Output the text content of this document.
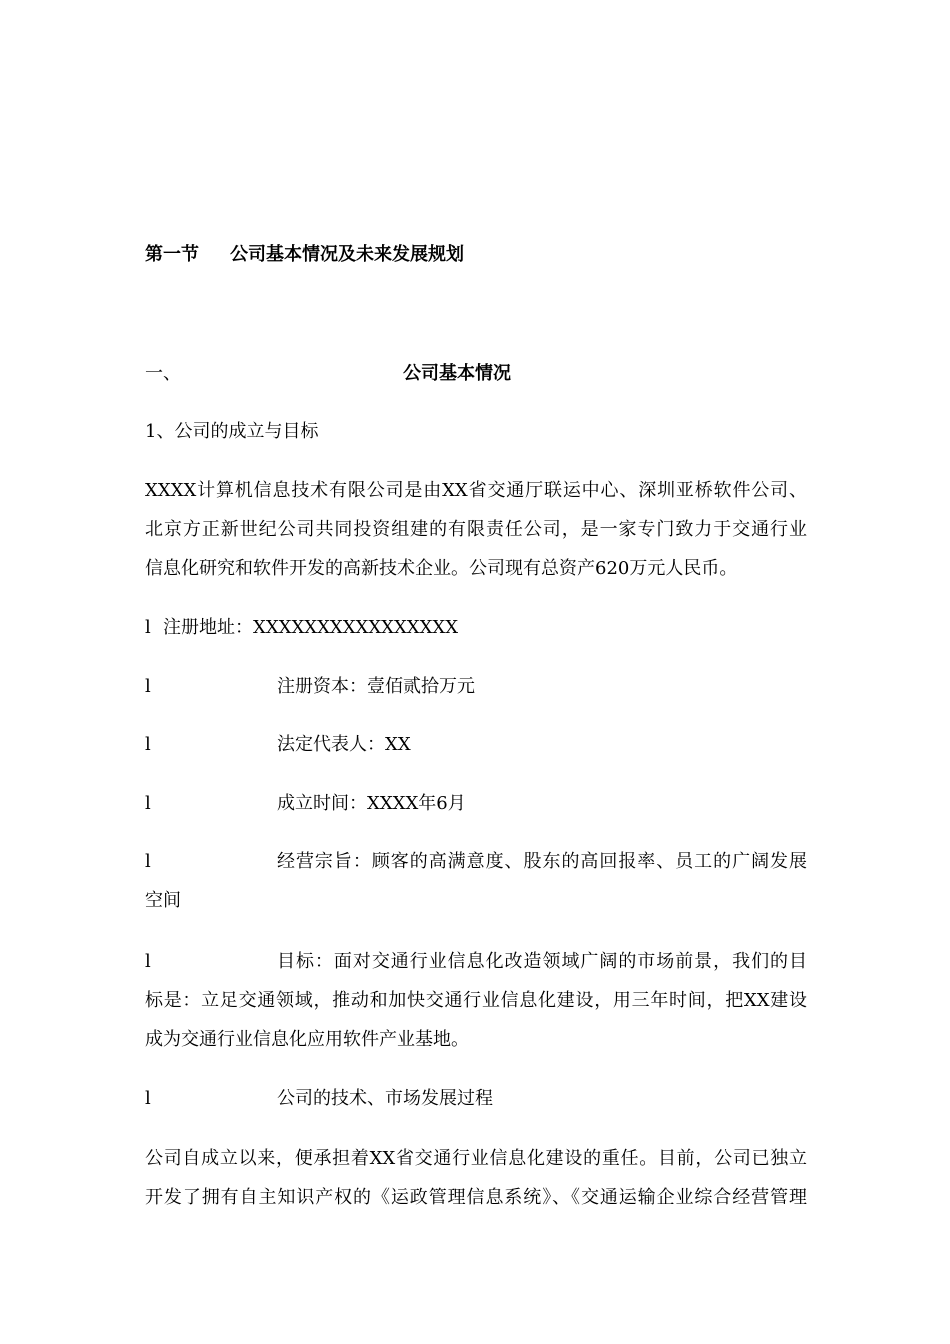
第一节 公司基本情况及未来发展规划
一、	公司基本情况
1、公司的成立与目标
XXXX计算机信息技术有限公司是由XX省交通厅联运中心、深圳亚桥软件公司、
北京方正新世纪公司共同投资组建的有限责任公司，是一家专门致力于交通行业
信息化研究和软件开发的高新技术企业。公司现有总资产620万元人民币。
l 注册地址：XXXXXXXXXXXXXXXX
l	注册资本：壹佰贰拾万元
l	法定代表人：XX
l	成立时间：XXXX年6月
l	经营宗旨：顾客的高满意度、股东的高回报率、员工的广阔发展
空间
l	目标：面对交通行业信息化改造领域广阔的市场前景，我们的目
标是：立足交通领域，推动和加快交通行业信息化建设，用三年时间，把XX建设
成为交通行业信息化应用软件产业基地。
l	公司的技术、市场发展过程
公司自成立以来，便承担着XX省交通行业信息化建设的重任。目前，公司已独立
开发了拥有自主知识产权的《运政管理信息系统》、《交通运输企业综合经营管理
